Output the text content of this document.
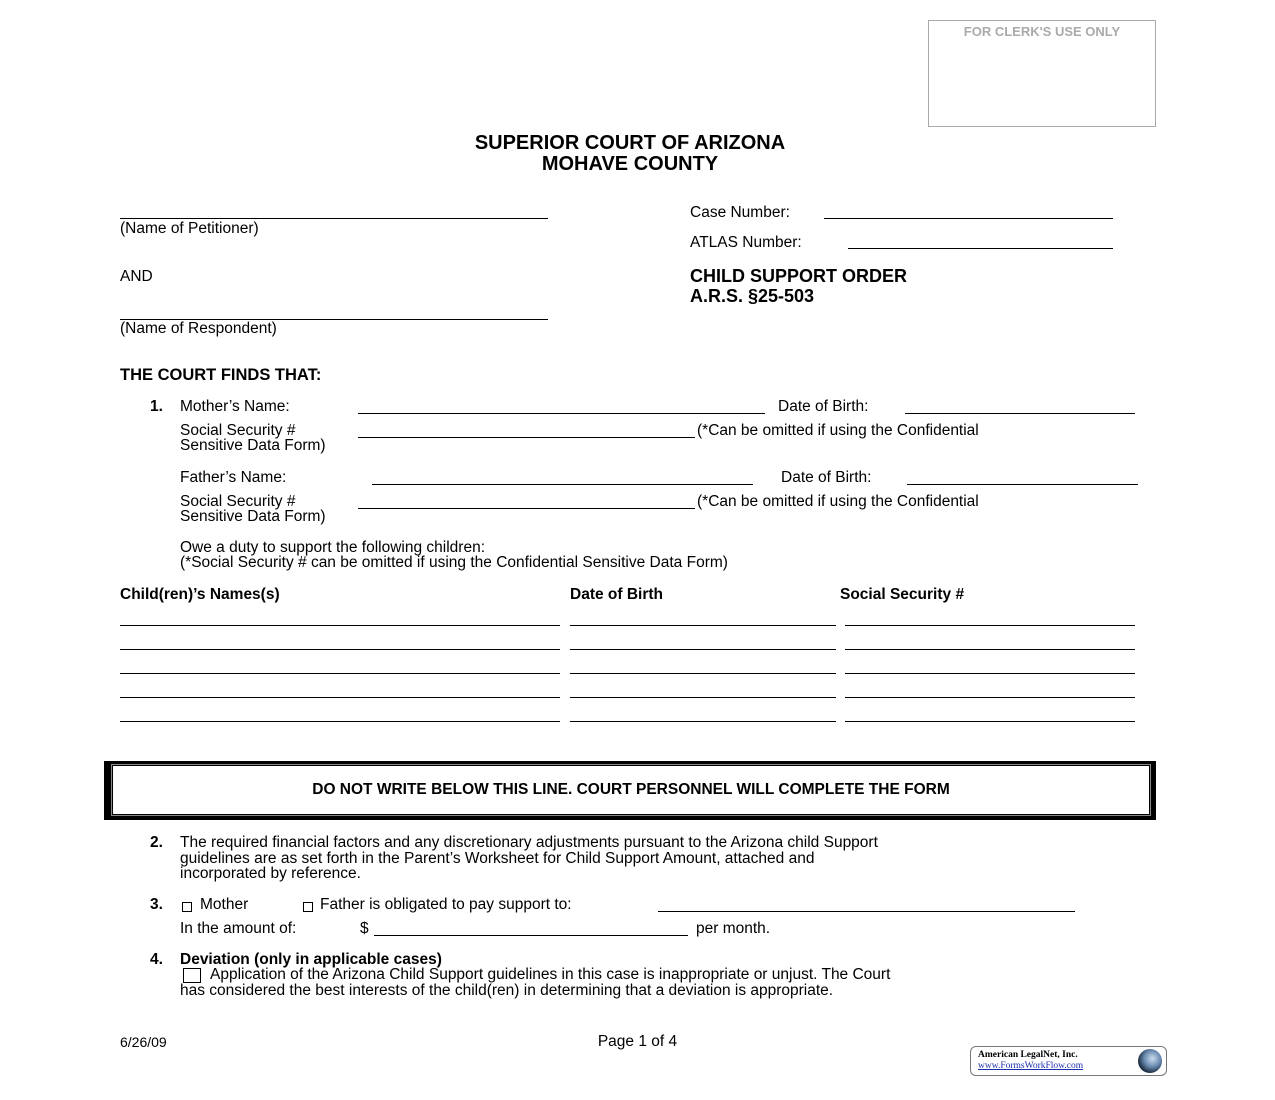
FOR CLERK'S USE ONLY
SUPERIOR COURT OF ARIZONA
MOHAVE COUNTY
(Name of Petitioner)
AND
(Name of Respondent)
Case Number:
ATLAS Number:
CHILD SUPPORT ORDER
A.R.S. §25-503
THE COURT FINDS THAT:
1. Mother’s Name:	Date of Birth:
Social Security #	(*Can be omitted if using the Confidential
Sensitive Data Form)
Father’s Name:	Date of Birth:
Social Security #	(*Can be omitted if using the Confidential
Sensitive Data Form)
Owe a duty to support the following children:
(*Social Security # can be omitted if using the Confidential Sensitive Data Form)
Child(ren)’s Names(s)	Date of Birth	Social Security #
DO NOT WRITE BELOW THIS LINE. COURT PERSONNEL WILL COMPLETE THE FORM
2. The required financial factors and any discretionary adjustments pursuant to the Arizona child Support
guidelines are as set forth in the Parent’s Worksheet for Child Support Amount, attached and
incorporated by reference.
3. Mother	Father is obligated to pay support to:
In the amount of:	$	per month.
4. Deviation (only in applicable cases)
Application of the Arizona Child Support guidelines in this case is inappropriate or unjust. The Court
has considered the best interests of the child(ren) in determining that a deviation is appropriate.
6/26/09	Page 1 of 4
American LegalNet, Inc.
www.FormsWorkFlow.com
